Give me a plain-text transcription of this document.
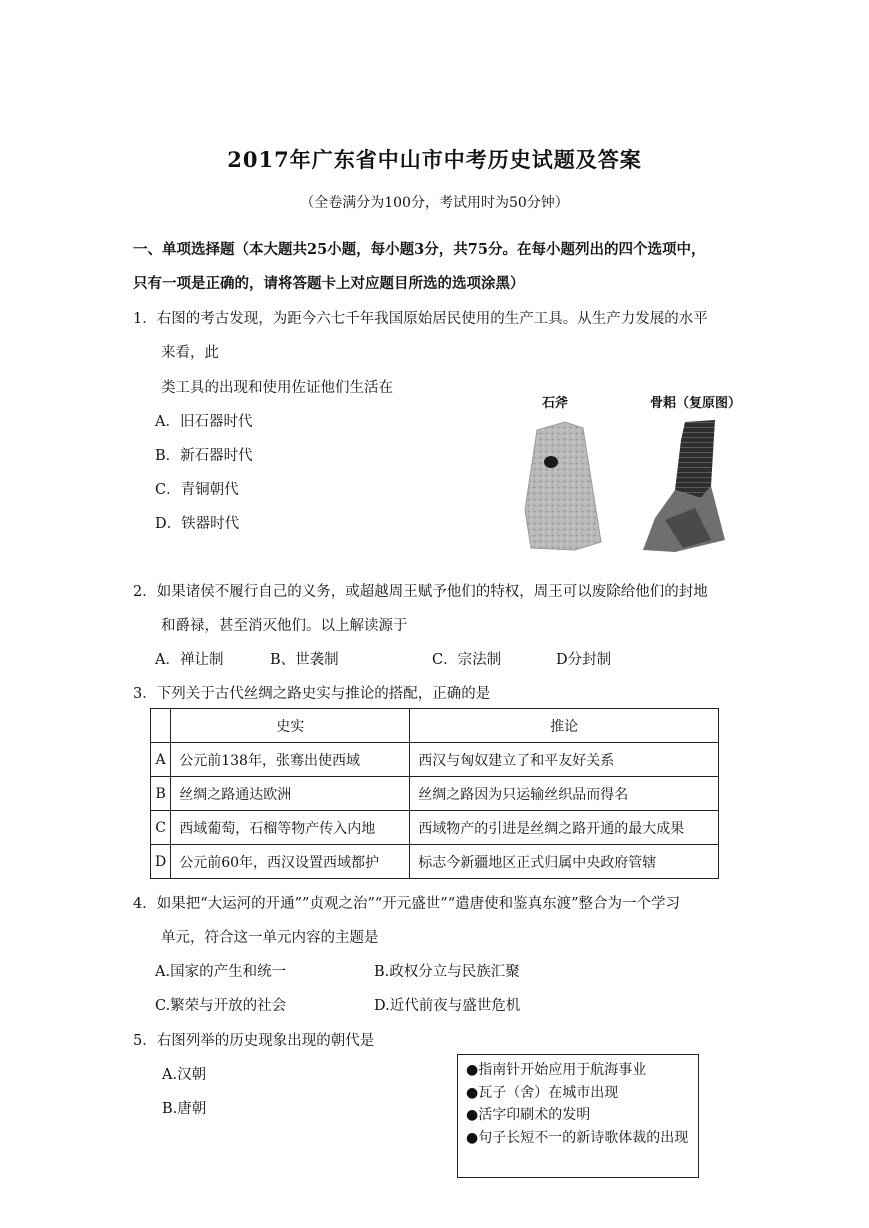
2017年广东省中山市中考历史试题及答案
（全卷满分为100分，考试用时为50分钟）
一、单项选择题（本大题共25小题，每小题3分，共75分。在每小题列出的四个选项中，
只有一项是正确的，请将答题卡上对应题目所选的选项涂黑）
1．右图的考古发现，为距今六七千年我国原始居民使用的生产工具。从生产力发展的水平
来看，此
类工具的出现和使用佐证他们生活在
A．旧石器时代
B．新石器时代
C．青铜朝代
D．铁器时代
石斧	骨耜（复原图）
2．如果诸侯不履行自己的义务，或超越周王赋予他们的特权，周王可以废除给他们的封地
和爵禄，甚至消灭他们。以上解读源于
A．禅让制	B、世袭制	C．宗法制	D分封制
3．下列关于古代丝绸之路史实与推论的搭配，正确的是
	史实	推论
A	公元前138年，张骞出使西域	西汉与匈奴建立了和平友好关系
B	丝绸之路通达欧洲	丝绸之路因为只运输丝织品而得名
C	西域葡萄，石榴等物产传入内地	西域物产的引进是丝绸之路开通的最大成果
D	公元前60年，西汉设置西域都护	标志今新疆地区正式归属中央政府管辖
4．如果把“大运河的开通””贞观之治”“开元盛世”“遣唐使和鉴真东渡”整合为一个学习
单元，符合这一单元内容的主题是
A.国家的产生和统一	B.政权分立与民族汇聚
C.繁荣与开放的社会	D.近代前夜与盛世危机
5．右图列举的历史现象出现的朝代是
A.汉朝
B.唐朝
●指南针开始应用于航海事业
●瓦子（舍）在城市出现
●活字印刷术的发明
●句子长短不一的新诗歌体裁的出现
